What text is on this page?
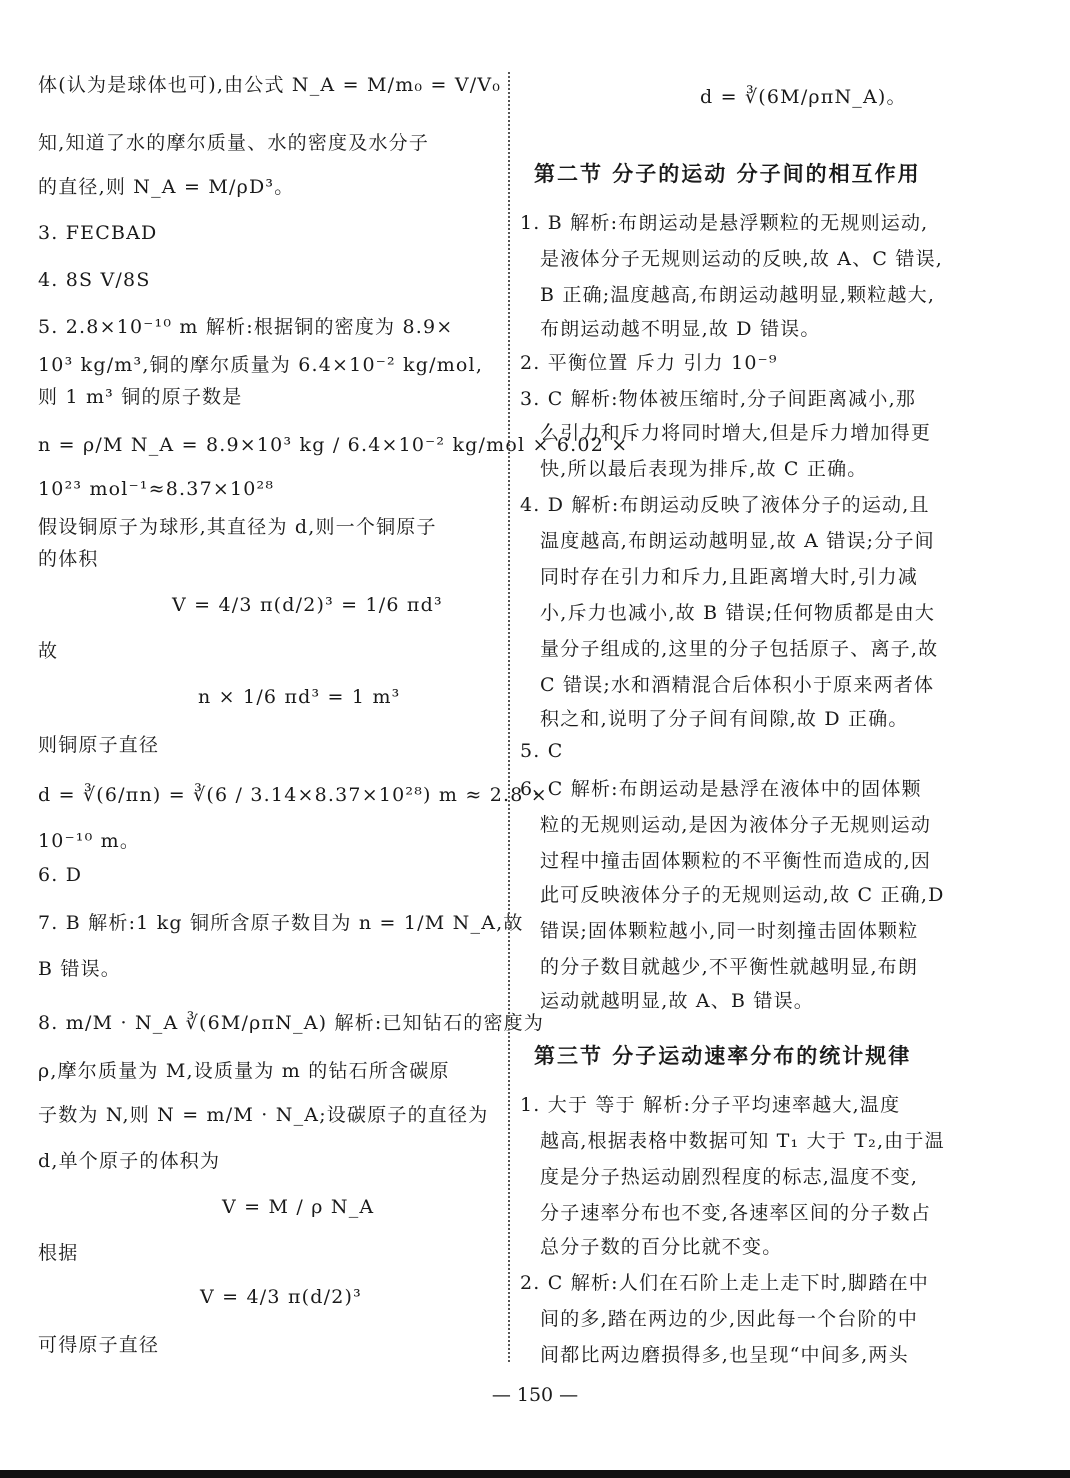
体(认为是球体也可),由公式 N_A = M/m₀ = V/V₀
知,知道了水的摩尔质量、水的密度及水分子
的直径,则 N_A = M/ρD³。
3. FECBAD
4. 8S V/8S
5. 2.8×10⁻¹⁰ m 解析:根据铜的密度为 8.9×
10³ kg/m³,铜的摩尔质量为 6.4×10⁻² kg/mol,
则 1 m³ 铜的原子数是
n = ρ/M N_A = 8.9×10³ kg / 6.4×10⁻² kg/mol × 6.02 ×
10²³ mol⁻¹≈8.37×10²⁸
假设铜原子为球形,其直径为 d,则一个铜原子
的体积
V = 4/3 π(d/2)³ = 1/6 πd³
故
n × 1/6 πd³ = 1 m³
则铜原子直径
d = ∛(6/πn) = ∛(6 / 3.14×8.37×10²⁸) m ≈ 2.8 ×
10⁻¹⁰ m。
6. D
7. B 解析:1 kg 铜所含原子数目为 n = 1/M N_A,故
B 错误。
8. m/M · N_A ∛(6M/ρπN_A) 解析:已知钻石的密度为
ρ,摩尔质量为 M,设质量为 m 的钻石所含碳原
子数为 N,则 N = m/M · N_A;设碳原子的直径为
d,单个原子的体积为
V = M / ρ N_A
根据
V = 4/3 π(d/2)³
可得原子直径
d = ∛(6M/ρπN_A)。
第二节 分子的运动 分子间的相互作用
1. B 解析:布朗运动是悬浮颗粒的无规则运动,
是液体分子无规则运动的反映,故 A、C 错误,
B 正确;温度越高,布朗运动越明显,颗粒越大,
布朗运动越不明显,故 D 错误。
2. 平衡位置 斥力 引力 10⁻⁹
3. C 解析:物体被压缩时,分子间距离减小,那
么引力和斥力将同时增大,但是斥力增加得更
快,所以最后表现为排斥,故 C 正确。
4. D 解析:布朗运动反映了液体分子的运动,且
温度越高,布朗运动越明显,故 A 错误;分子间
同时存在引力和斥力,且距离增大时,引力减
小,斥力也减小,故 B 错误;任何物质都是由大
量分子组成的,这里的分子包括原子、离子,故
C 错误;水和酒精混合后体积小于原来两者体
积之和,说明了分子间有间隙,故 D 正确。
5. C
6. C 解析:布朗运动是悬浮在液体中的固体颗
粒的无规则运动,是因为液体分子无规则运动
过程中撞击固体颗粒的不平衡性而造成的,因
此可反映液体分子的无规则运动,故 C 正确,D
错误;固体颗粒越小,同一时刻撞击固体颗粒
的分子数目就越少,不平衡性就越明显,布朗
运动就越明显,故 A、B 错误。
第三节 分子运动速率分布的统计规律
1. 大于 等于 解析:分子平均速率越大,温度
越高,根据表格中数据可知 T₁ 大于 T₂,由于温
度是分子热运动剧烈程度的标志,温度不变,
分子速率分布也不变,各速率区间的分子数占
总分子数的百分比就不变。
2. C 解析:人们在石阶上走上走下时,脚踏在中
间的多,踏在两边的少,因此每一个台阶的中
间都比两边磨损得多,也呈现“中间多,两头
— 150 —
